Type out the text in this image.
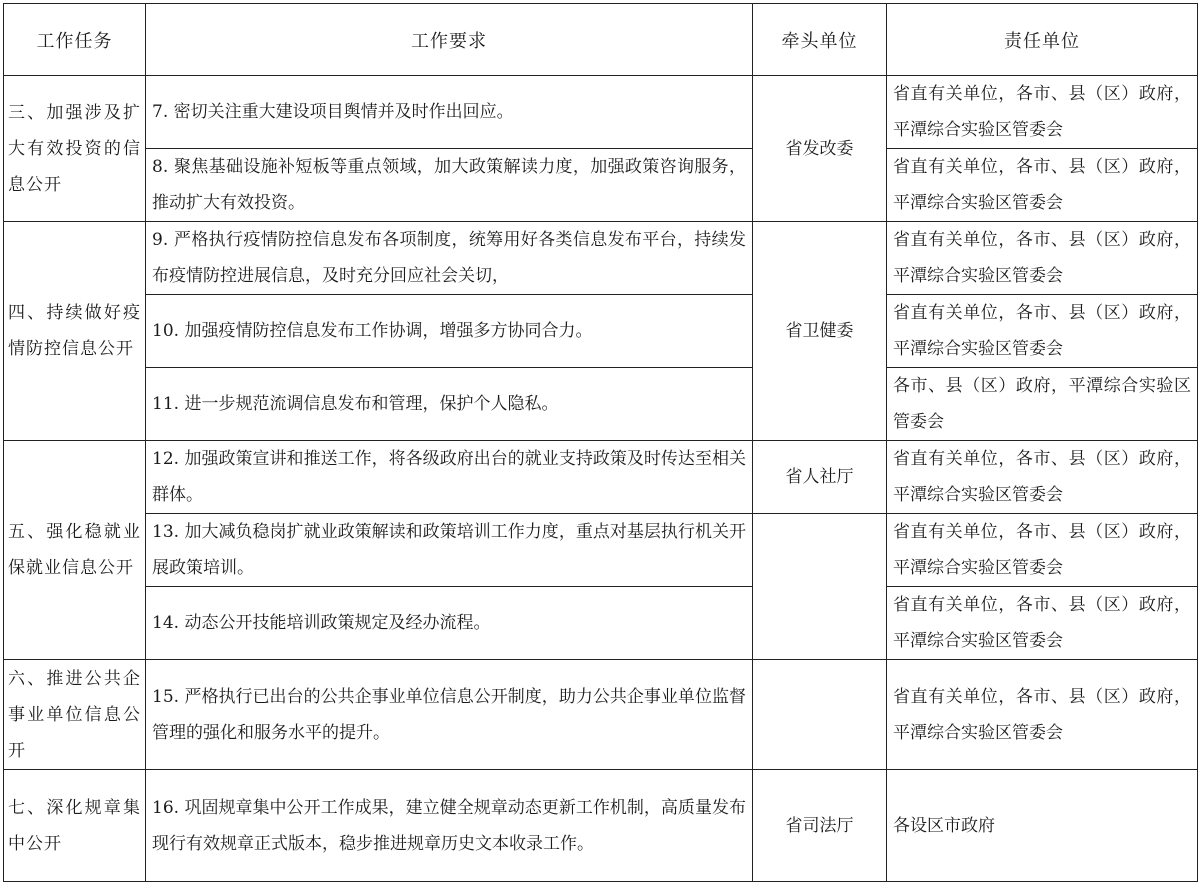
工作任务	工作要求	牵头单位	责任单位
三、加强涉及扩大有效投资的信息公开	7. 密切关注重大建设项目舆情并及时作出回应。	省发改委	省直有关单位，各市、县（区）政府，平潭综合实验区管委会
	8. 聚焦基础设施补短板等重点领域，加大政策解读力度，加强政策咨询服务，推动扩大有效投资。		省直有关单位，各市、县（区）政府，平潭综合实验区管委会
四、持续做好疫情防控信息公开	9. 严格执行疫情防控信息发布各项制度，统筹用好各类信息发布平台，持续发布疫情防控进展信息，及时充分回应社会关切，	省卫健委	省直有关单位，各市、县（区）政府，平潭综合实验区管委会
	10. 加强疫情防控信息发布工作协调，增强多方协同合力。		省直有关单位，各市、县（区）政府，平潭综合实验区管委会
	11. 进一步规范流调信息发布和管理，保护个人隐私。		各市、县（区）政府，平潭综合实验区管委会
五、强化稳就业保就业信息公开	12. 加强政策宣讲和推送工作，将各级政府出台的就业支持政策及时传达至相关群体。	省人社厅	省直有关单位，各市、县（区）政府，平潭综合实验区管委会
	13. 加大减负稳岗扩就业政策解读和政策培训工作力度，重点对基层执行机关开展政策培训。		省直有关单位，各市、县（区）政府，平潭综合实验区管委会
	14. 动态公开技能培训政策规定及经办流程。		省直有关单位，各市、县（区）政府，平潭综合实验区管委会
六、推进公共企事业单位信息公开	15. 严格执行已出台的公共企事业单位信息公开制度，助力公共企事业单位监督管理的强化和服务水平的提升。		省直有关单位，各市、县（区）政府，平潭综合实验区管委会
七、深化规章集中公开	16. 巩固规章集中公开工作成果，建立健全规章动态更新工作机制，高质量发布现行有效规章正式版本，稳步推进规章历史文本收录工作。	省司法厅	各设区市政府
